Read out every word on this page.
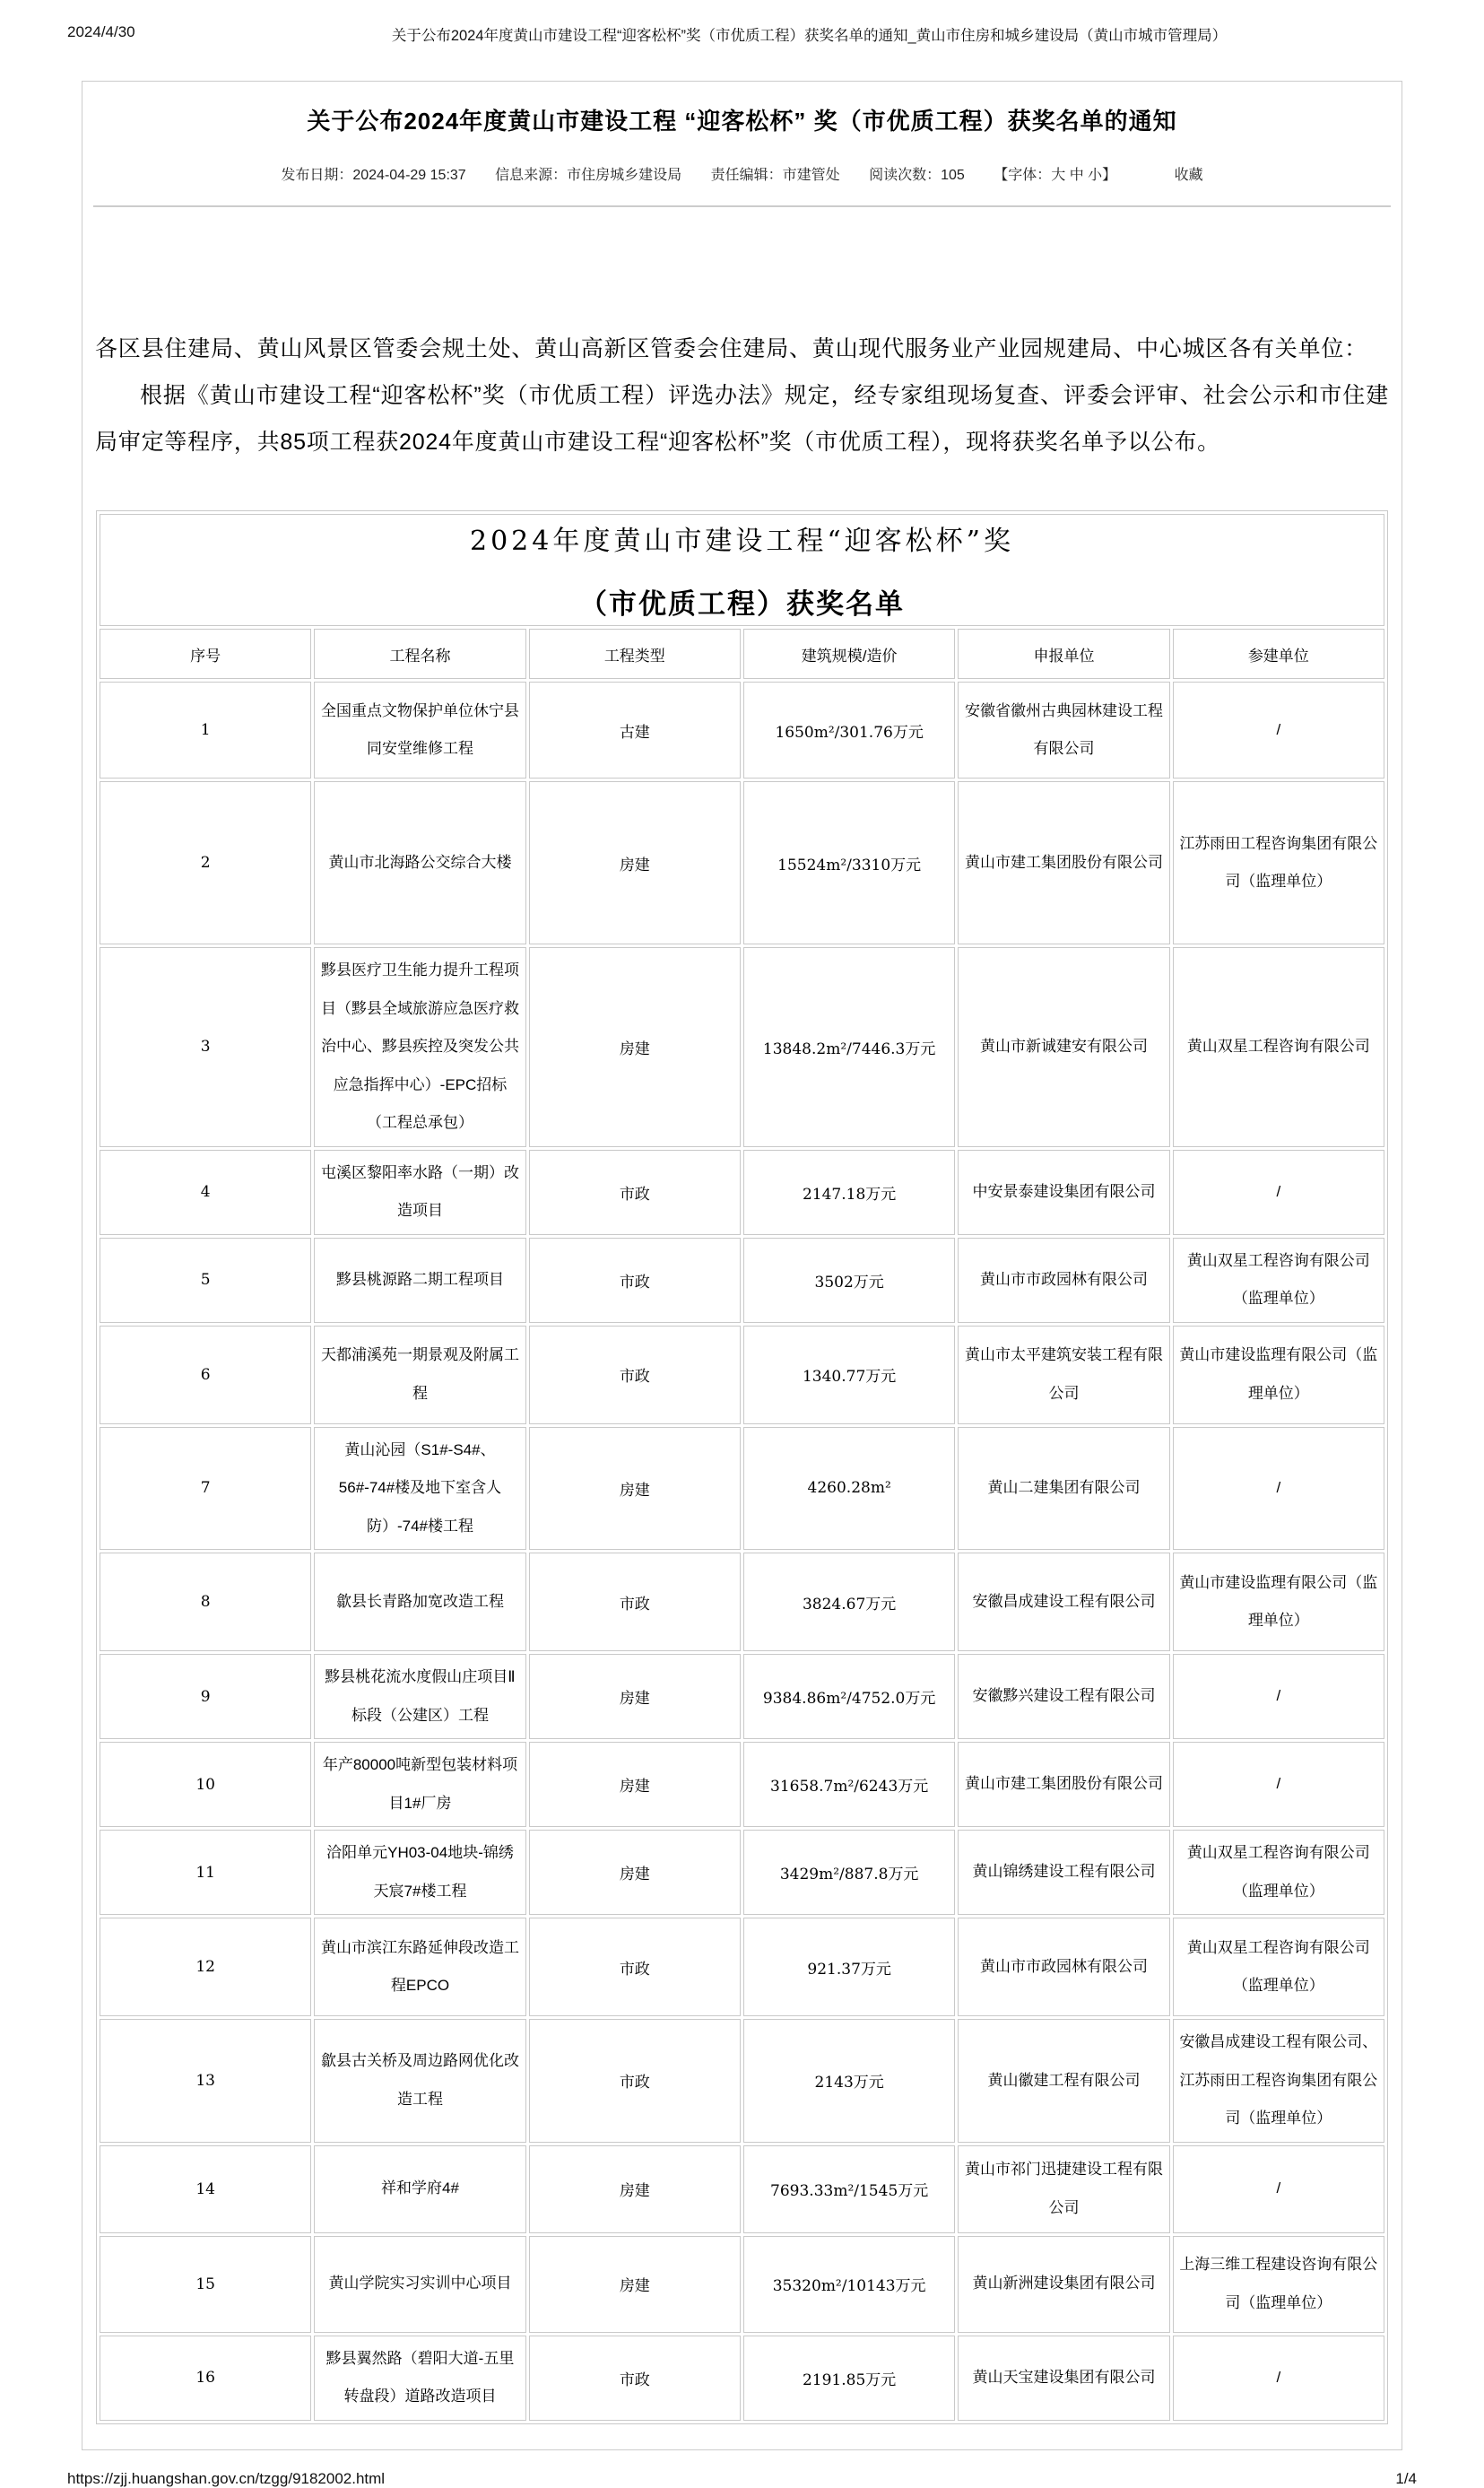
2024/4/30	关于公布2024年度黄山市建设工程“迎客松杯”奖（市优质工程）获奖名单的通知_黄山市住房和城乡建设局（黄山市城市管理局）
关于公布2024年度黄山市建设工程 “迎客松杯” 奖（市优质工程）获奖名单的通知
发布日期：2024-04-29 15:37 信息来源：市住房城乡建设局 责任编辑：市建管处 阅读次数：105 【字体：大 中 小】	收藏

各区县住建局、黄山风景区管委会规土处、黄山高新区管委会住建局、黄山现代服务业产业园规建局、中心城区各有关单位：

根据《黄山市建设工程“迎客松杯”奖（市优质工程）评选办法》规定，经专家组现场复查、评委会评审、社会公示和市住建局审定等程序，共85项工程获2024年度黄山市建设工程“迎客松杯”奖（市优质工程），现将获奖名单予以公布。

2024年度黄山市建设工程“迎客松杯”奖
（市优质工程）获奖名单					

序号	工程名称	工程类型	建筑规模/造价	申报单位	参建单位
1	全国重点文物保护单位休宁县同安堂维修工程	古建	1650m²/301.76万元	安徽省徽州古典园林建设工程有限公司	/
2	黄山市北海路公交综合大楼	房建	15524m²/3310万元	黄山市建工集团股份有限公司	江苏雨田工程咨询集团有限公司（监理单位）
3	黟县医疗卫生能力提升工程项目（黟县全域旅游应急医疗救治中心、黟县疾控及突发公共应急指挥中心）-EPC招标（工程总承包）	房建	13848.2m²/7446.3万元	黄山市新诚建安有限公司	黄山双星工程咨询有限公司
4	屯溪区黎阳率水路（一期）改造项目	市政	2147.18万元	中安景泰建设集团有限公司	/
5	黟县桃源路二期工程项目	市政	3502万元	黄山市市政园林有限公司	黄山双星工程咨询有限公司（监理单位）
6	天都浦溪苑一期景观及附属工程	市政	1340.77万元	黄山市太平建筑安装工程有限公司	黄山市建设监理有限公司（监理单位）
7	黄山沁园（S1#-S4#、56#-74#楼及地下室含人防）-74#楼工程	房建	4260.28m²	黄山二建集团有限公司	/
8	歙县长青路加宽改造工程	市政	3824.67万元	安徽昌成建设工程有限公司	黄山市建设监理有限公司（监理单位）
9	黟县桃花流水度假山庄项目Ⅱ标段（公建区）工程	房建	9384.86m²/4752.0万元	安徽黟兴建设工程有限公司	/
10	年产80000吨新型包装材料项目1#厂房	房建	31658.7m²/6243万元	黄山市建工集团股份有限公司	/
11	洽阳单元YH03-04地块-锦绣天宸7#楼工程	房建	3429m²/887.8万元	黄山锦绣建设工程有限公司	黄山双星工程咨询有限公司（监理单位）
12	黄山市滨江东路延伸段改造工程EPCO	市政	921.37万元	黄山市市政园林有限公司	黄山双星工程咨询有限公司（监理单位）
13	歙县古关桥及周边路网优化改造工程	市政	2143万元	黄山徽建工程有限公司	安徽昌成建设工程有限公司、江苏雨田工程咨询集团有限公司（监理单位）
14	祥和学府4#	房建	7693.33m²/1545万元	黄山市祁门迅捷建设工程有限公司	/
15	黄山学院实习实训中心项目	房建	35320m²/10143万元	黄山新洲建设集团有限公司	上海三维工程建设咨询有限公司（监理单位）
16	黟县翼然路（碧阳大道-五里转盘段）道路改造项目	市政	2191.85万元	黄山天宝建设集团有限公司	/
https://zjj.huangshan.gov.cn/tzgg/9182002.html	1/4
